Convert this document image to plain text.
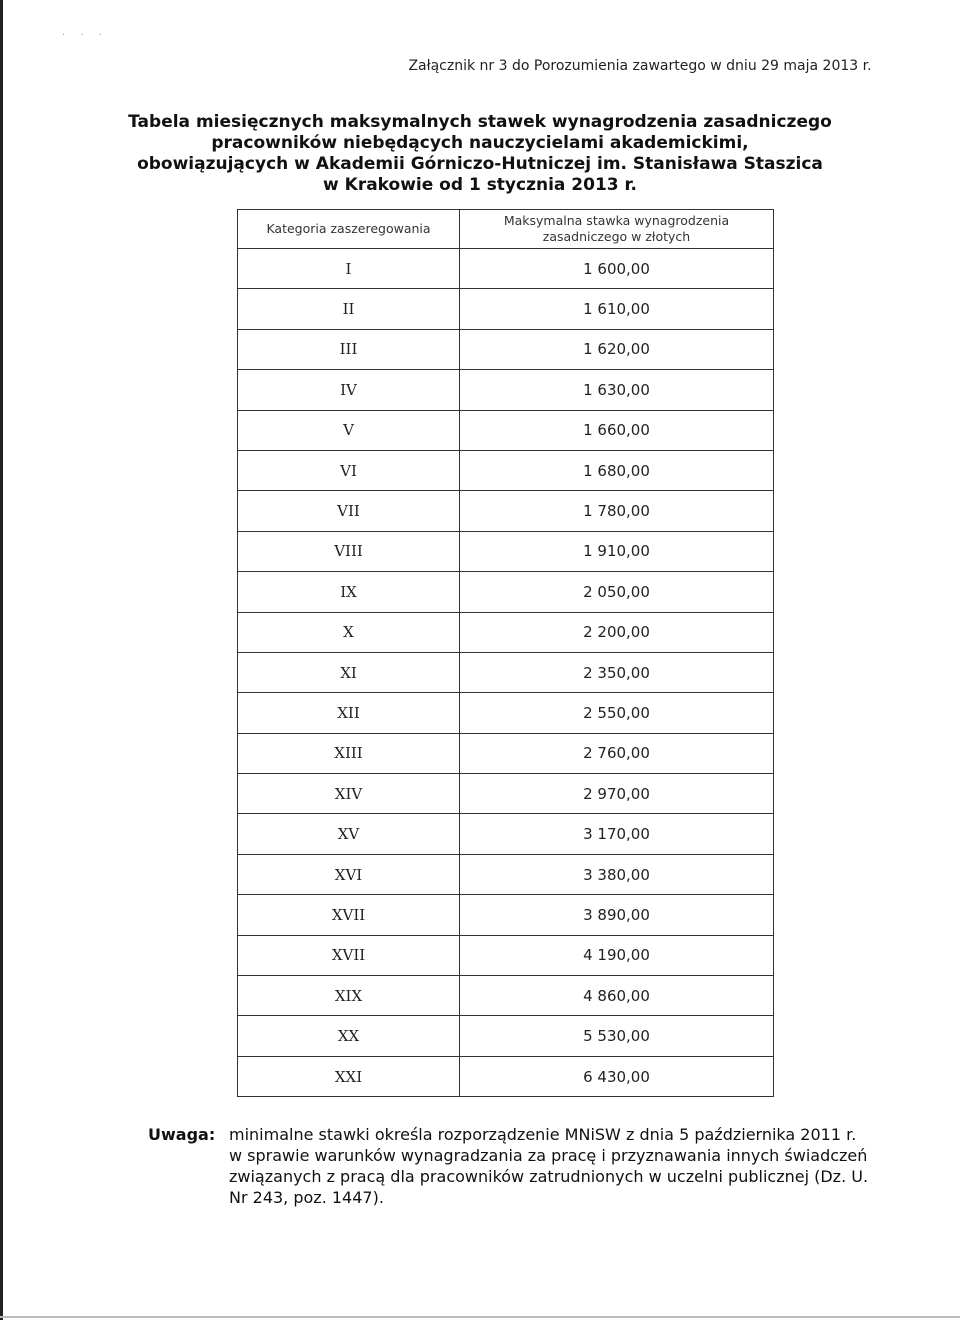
· · ·
Załącznik nr 3 do Porozumienia zawartego w dniu 29 maja 2013 r.
Tabela miesięcznych maksymalnych stawek wynagrodzenia zasadniczego
pracowników niebędących nauczycielami akademickimi,
obowiązujących w Akademii Górniczo-Hutniczej im. Stanisława Staszica
w Krakowie od 1 stycznia 2013 r.
Kategoria zaszeregowania	Maksymalna stawka wynagrodzenia
zasadniczego w złotych

I	1 600,00
II	1 610,00
III	1 620,00
IV	1 630,00
V	1 660,00
VI	1 680,00
VII	1 780,00
VIII	1 910,00
IX	2 050,00
X	2 200,00
XI	2 350,00
XII	2 550,00
XIII	2 760,00
XIV	2 970,00
XV	3 170,00
XVI	3 380,00
XVII	3 890,00
XVII	4 190,00
XIX	4 860,00
XX	5 530,00
XXI	6 430,00
Uwaga: minimalne stawki określa rozporządzenie MNiSW z dnia 5 października 2011 r. w sprawie warunków wynagradzania za pracę i przyznawania innych świadczeń związanych z pracą dla pracowników zatrudnionych w uczelni publicznej (Dz. U. Nr 243, poz. 1447).
